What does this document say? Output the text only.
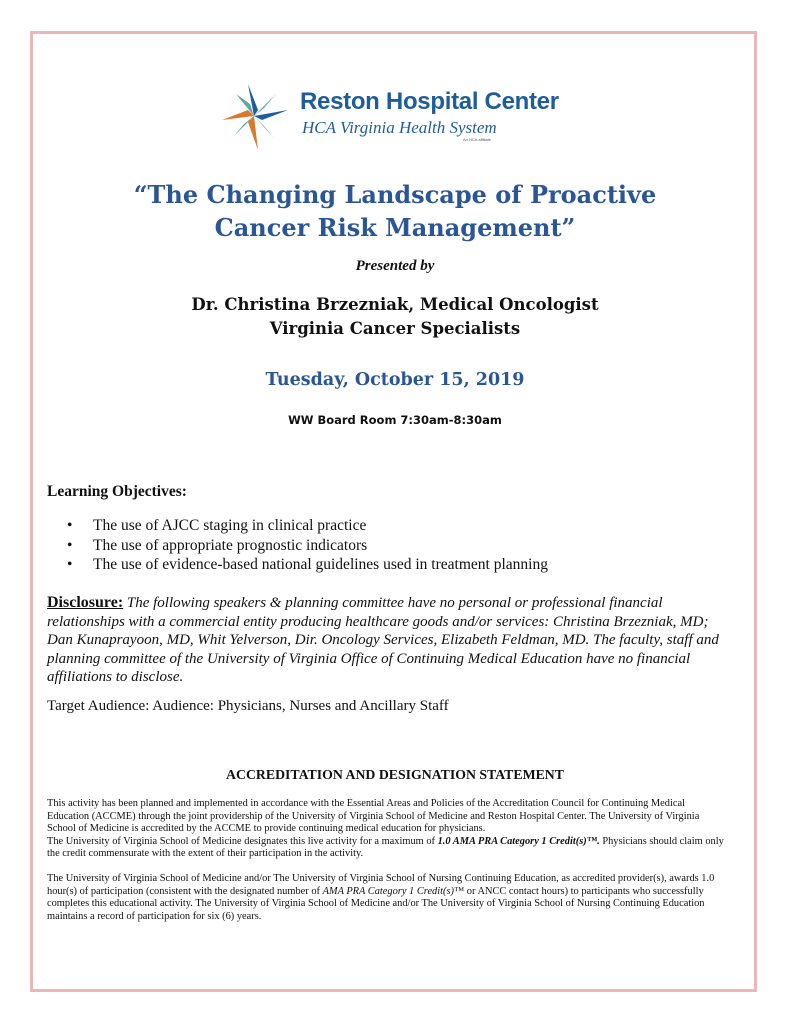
Reston Hospital Center
HCA Virginia Health System
An HCA affiliate
“The Changing Landscape of Proactive
Cancer Risk Management”
Presented by
Dr. Christina Brzezniak, Medical Oncologist
Virginia Cancer Specialists
Tuesday, October 15, 2019
WW Board Room 7:30am-8:30am
Learning Objectives:
• The use of AJCC staging in clinical practice
• The use of appropriate prognostic indicators
• The use of evidence-based national guidelines used in treatment planning

Disclosure: The following speakers & planning committee have no personal or professional financial relationships with a commercial entity producing healthcare goods and/or services: Christina Brzezniak, MD; Dan Kunaprayoon, MD, Whit Yelverson, Dir. Oncology Services, Elizabeth Feldman, MD. The faculty, staff and planning committee of the University of Virginia Office of Continuing Medical Education have no financial affiliations to disclose.

Target Audience: Audience: Physicians, Nurses and Ancillary Staff
ACCREDITATION AND DESIGNATION STATEMENT

This activity has been planned and implemented in accordance with the Essential Areas and Policies of the Accreditation Council for Continuing Medical Education (ACCME) through the joint providership of the University of Virginia School of Medicine and Reston Hospital Center. The University of Virginia School of Medicine is accredited by the ACCME to provide continuing medical education for physicians.

The University of Virginia School of Medicine designates this live activity for a maximum of 1.0 AMA PRA Category 1 Credit(s)™. Physicians should claim only the credit commensurate with the extent of their participation in the activity.

The University of Virginia School of Medicine and/or The University of Virginia School of Nursing Continuing Education, as accredited provider(s), awards 1.0 hour(s) of participation (consistent with the designated number of AMA PRA Category 1 Credit(s)™ or ANCC contact hours) to participants who successfully completes this educational activity. The University of Virginia School of Medicine and/or The University of Virginia School of Nursing Continuing Education maintains a record of participation for six (6) years.
